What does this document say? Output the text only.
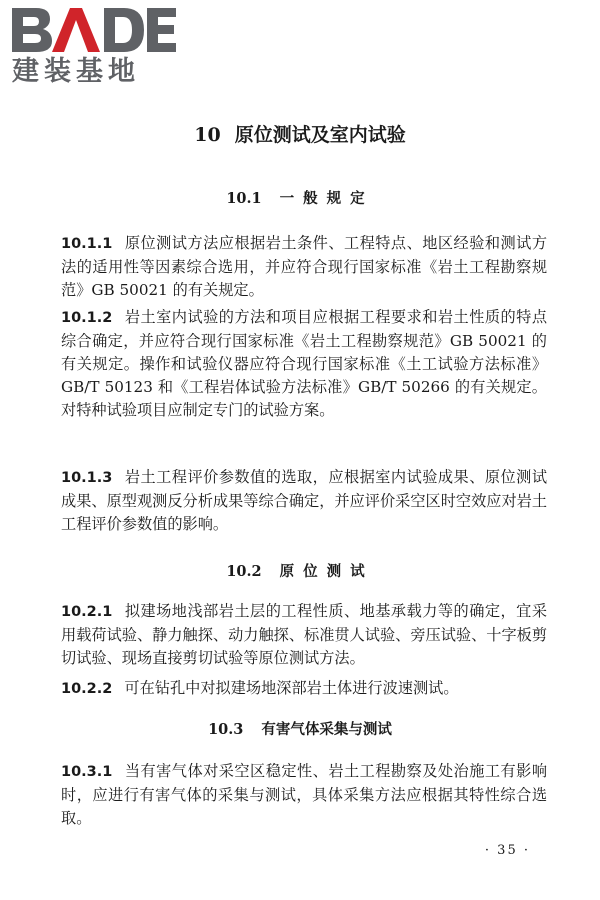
建装基地
10 原位测试及室内试验
10.1 一般规定
10.1.1 原位测试方法应根据岩土条件、工程特点、地区经验和测试方法的适用性等因素综合选用，并应符合现行国家标准《岩土工程勘察规范》GB 50021 的有关规定。
10.1.2 岩土室内试验的方法和项目应根据工程要求和岩土性质的特点综合确定，并应符合现行国家标准《岩土工程勘察规范》GB 50021 的有关规定。操作和试验仪器应符合现行国家标准《土工试验方法标准》GB/T 50123 和《工程岩体试验方法标准》GB/T 50266 的有关规定。对特种试验项目应制定专门的试验方案。
10.1.3 岩土工程评价参数值的选取，应根据室内试验成果、原位测试成果、原型观测反分析成果等综合确定，并应评价采空区时空效应对岩土工程评价参数值的影响。
10.2 原位测试
10.2.1 拟建场地浅部岩土层的工程性质、地基承载力等的确定，宜采用载荷试验、静力触探、动力触探、标准贯人试验、旁压试验、十字板剪切试验、现场直接剪切试验等原位测试方法。
10.2.2 可在钻孔中对拟建场地深部岩土体进行波速测试。
10.3 有害气体采集与测试
10.3.1 当有害气体对采空区稳定性、岩土工程勘察及处治施工有影响时，应进行有害气体的采集与测试，具体采集方法应根据其特性综合选取。
· 35 ·
